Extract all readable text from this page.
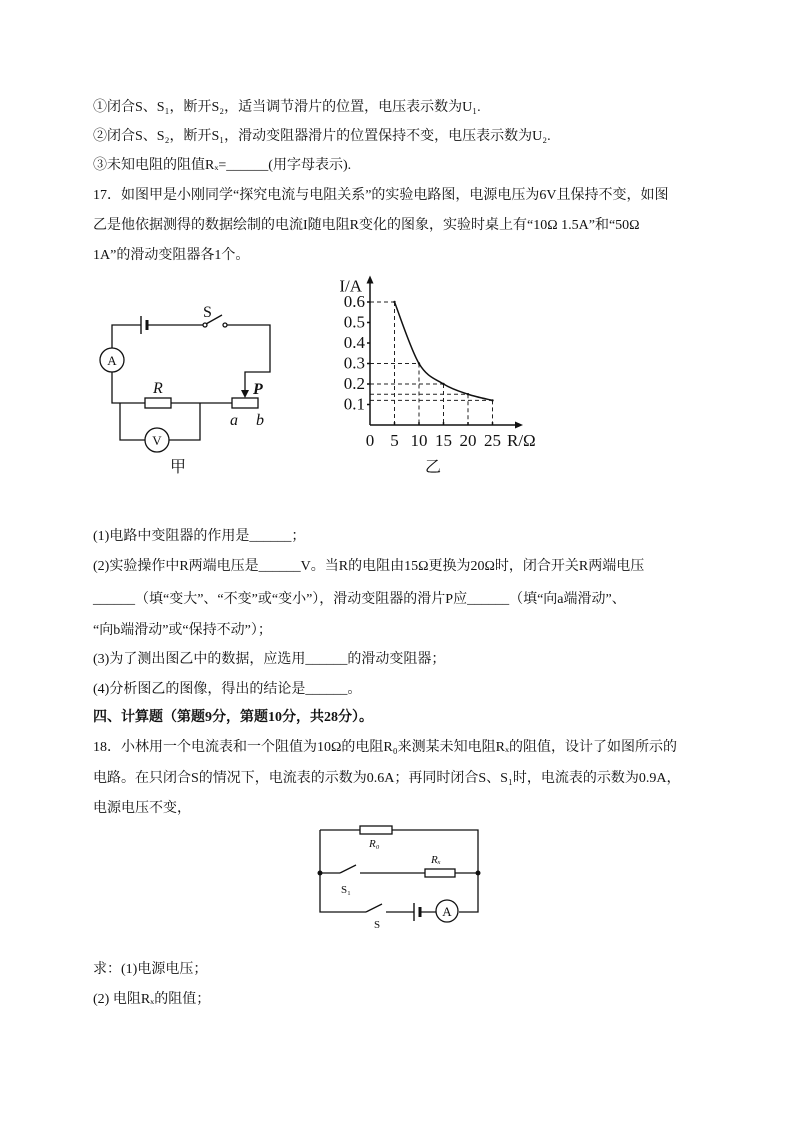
①闭合S、S₁，断开S₂，适当调节滑片的位置，电压表示数为U₁.
②闭合S、S₂，断开S₁，滑动变阻器滑片的位置保持不变，电压表示数为U₂.
③未知电阻的阻值Rₓ=______(用字母表示).
17．如图甲是小刚同学“探究电流与电阻关系”的实验电路图，电源电压为6V且保持不变，如图
乙是他依据测得的数据绘制的电流I随电阻R变化的图象，实验时桌上有“10Ω 1.5A”和“50Ω
1A”的滑动变阻器各1个。
(1)电路中变阻器的作用是______；
(2)实验操作中R两端电压是______V。当R的电阻由15Ω更换为20Ω时，闭合开关R两端电压
______（填“变大”、“不变”或“变小”），滑动变阻器的滑片P应______（填“向a端滑动”、
“向b端滑动”或“保持不动”）；
(3)为了测出图乙中的数据，应选用______的滑动变阻器；
(4)分析图乙的图像，得出的结论是______。
四、计算题（第题9分，第题10分，共28分）。
18．小林用一个电流表和一个阻值为10Ω的电阻R₀来测某未知电阻Rₓ的阻值，设计了如图所示的
电路。在只闭合S的情况下，电流表的示数为0.6A；再同时闭合S、S₁时，电流表的示数为0.9A，
电源电压不变，
求：(1)电源电压；
(2) 电阻Rₓ的阻值；
S
A
R	P
a b
V
甲
0.1
0.2
0.3
0.4
0.5
0.6
0 5 10 15 20 25
I/A
R/Ω
乙
R₀
Rₓ
S₁
S
A
